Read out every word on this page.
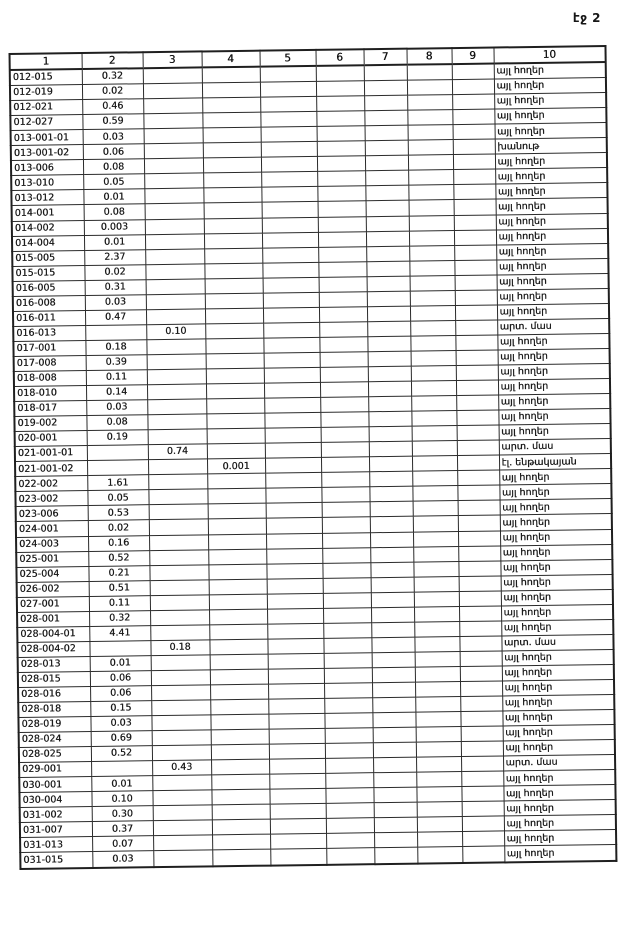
էջ 2
1	2	3	4	5	6	7	8	9	10
012-015	0.32								այլ հողեր
012-019	0.02								այլ հողեր
012-021	0.46								այլ հողեր
012-027	0.59								այլ հողեր
013-001-01	0.03								այլ հողեր
013-001-02	0.06								խանութ
013-006	0.08								այլ հողեր
013-010	0.05								այլ հողեր
013-012	0.01								այլ հողեր
014-001	0.08								այլ հողեր
014-002	0.003								այլ հողեր
014-004	0.01								այլ հողեր
015-005	2.37								այլ հողեր
015-015	0.02								այլ հողեր
016-005	0.31								այլ հողեր
016-008	0.03								այլ հողեր
016-011	0.47								այլ հողեր
016-013		0.10							արտ. մաս
017-001	0.18								այլ հողեր
017-008	0.39								այլ հողեր
018-008	0.11								այլ հողեր
018-010	0.14								այլ հողեր
018-017	0.03								այլ հողեր
019-002	0.08								այլ հողեր
020-001	0.19								այլ հողեր
021-001-01		0.74							արտ. մաս
021-001-02			0.001						էլ. ենթակայան
022-002	1.61								այլ հողեր
023-002	0.05								այլ հողեր
023-006	0.53								այլ հողեր
024-001	0.02								այլ հողեր
024-003	0.16								այլ հողեր
025-001	0.52								այլ հողեր
025-004	0.21								այլ հողեր
026-002	0.51								այլ հողեր
027-001	0.11								այլ հողեր
028-001	0.32								այլ հողեր
028-004-01	4.41								այլ հողեր
028-004-02		0.18							արտ. մաս
028-013	0.01								այլ հողեր
028-015	0.06								այլ հողեր
028-016	0.06								այլ հողեր
028-018	0.15								այլ հողեր
028-019	0.03								այլ հողեր
028-024	0.69								այլ հողեր
028-025	0.52								այլ հողեր
029-001		0.43							արտ. մաս
030-001	0.01								այլ հողեր
030-004	0.10								այլ հողեր
031-002	0.30								այլ հողեր
031-007	0.37								այլ հողեր
031-013	0.07								այլ հողեր
031-015	0.03								այլ հողեր
